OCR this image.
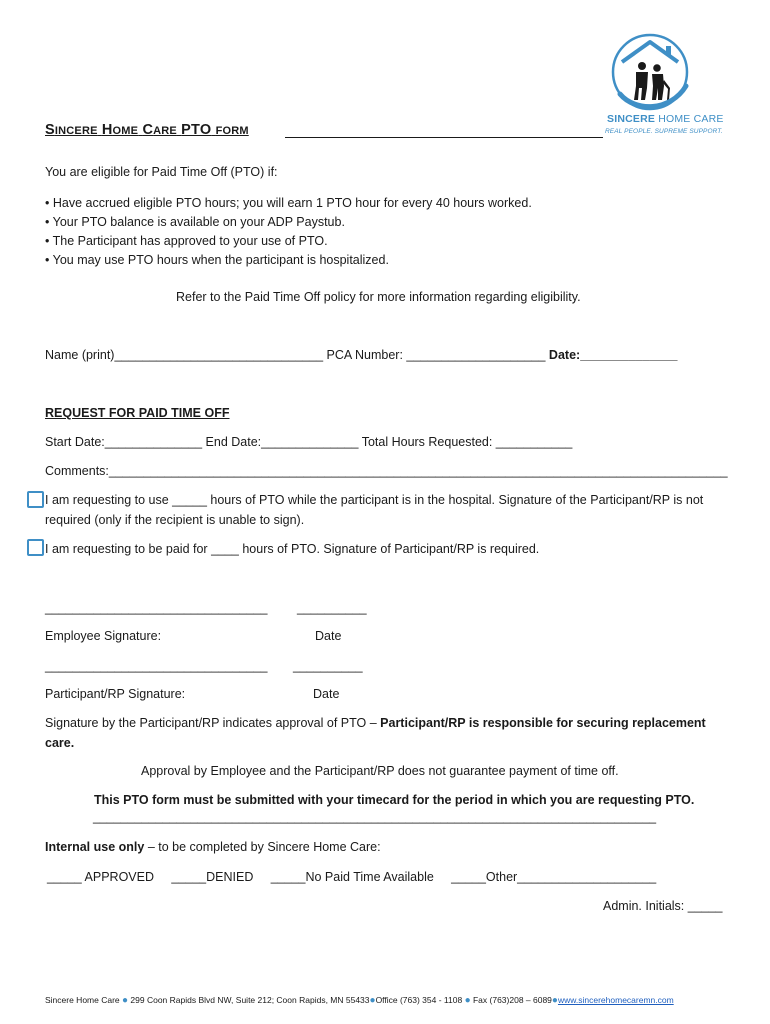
SINCERE HOME CARE
REAL PEOPLE. SUPREME SUPPORT.
SINCERE HOME CARE PTO FORM
You are eligible for Paid Time Off (PTO) if:
• Have accrued eligible PTO hours; you will earn 1 PTO hour for every 40 hours worked.
• Your PTO balance is available on your ADP Paystub.
• The Participant has approved to your use of PTO.
• You may use PTO hours when the participant is hospitalized.
Refer to the Paid Time Off policy for more information regarding eligibility.
Name (print)______________________________ PCA Number: ____________________ Date:______________
REQUEST FOR PAID TIME OFF
Start Date:______________ End Date:______________ Total Hours Requested: ___________
Comments:_________________________________________________________________________________________
I am requesting to use _____ hours of PTO while the participant is in the hospital. Signature of the Participant/RP is not
required (only if the recipient is unable to sign).
I am requesting to be paid for ____ hours of PTO. Signature of Participant/RP is required.
________________________________ __________
Employee Signature:	Date
________________________________ __________
Participant/RP Signature:	Date
Signature by the Participant/RP indicates approval of PTO – Participant/RP is responsible for securing replacement
care.
Approval by Employee and the Participant/RP does not guarantee payment of time off.
This PTO form must be submitted with your timecard for the period in which you are requesting PTO.
_________________________________________________________________________________
Internal use only – to be completed by Sincere Home Care:
_____ APPROVED     _____DENIED     _____No Paid Time Available     _____Other____________________
Admin. Initials: _____
Sincere Home Care ● 299 Coon Rapids Blvd NW, Suite 212; Coon Rapids, MN 55433●Office (763) 354 - 1108 ● Fax (763)208 – 6089●www.sincerehomecaremn.com
